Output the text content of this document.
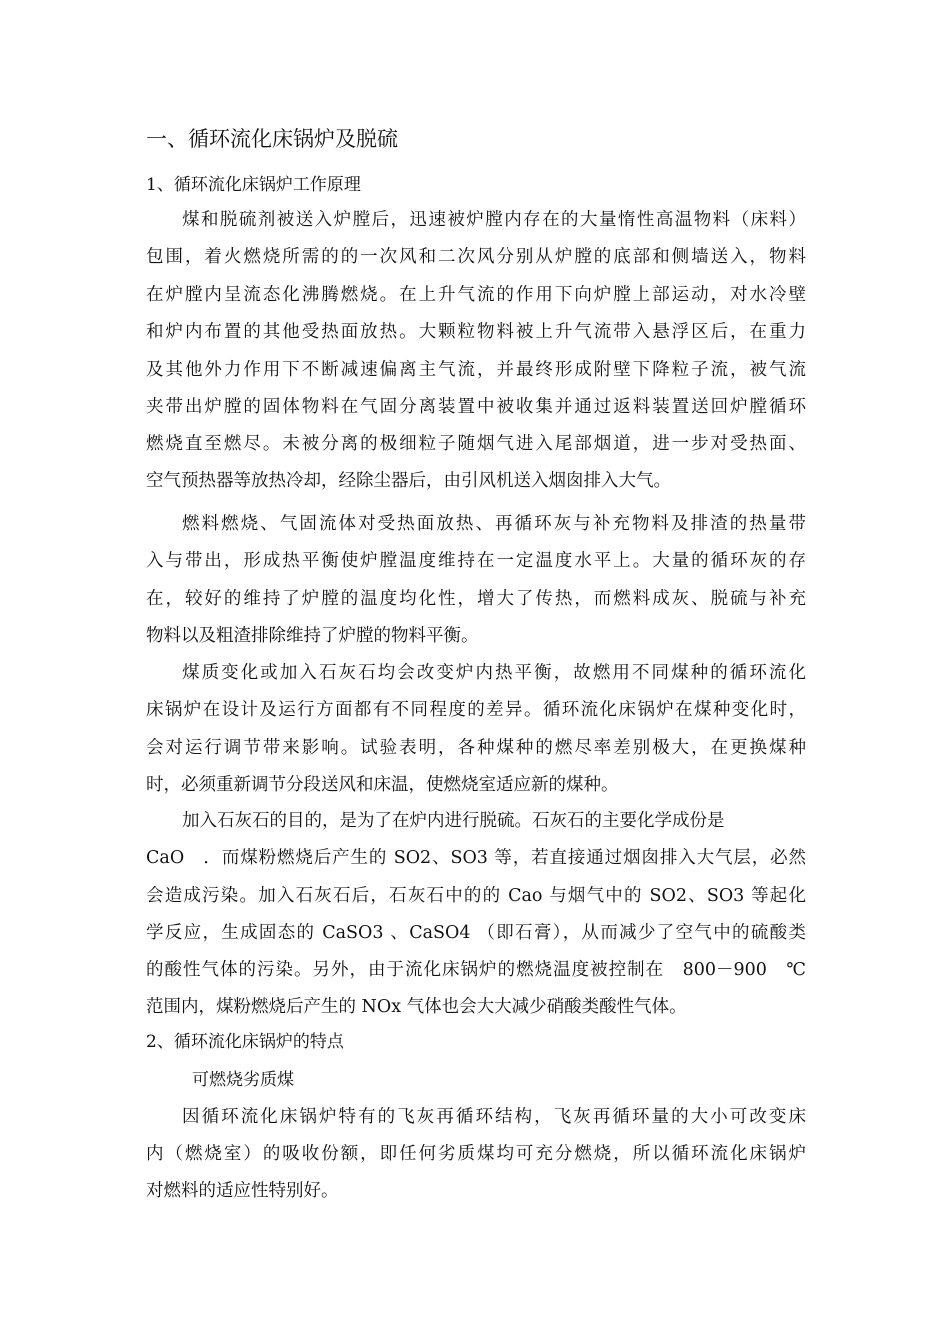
一、循环流化床锅炉及脱硫
1、循环流化床锅炉工作原理
煤和脱硫剂被送入炉膛后，迅速被炉膛内存在的大量惰性高温物料（床料）
包围，着火燃烧所需的的一次风和二次风分别从炉膛的底部和侧墙送入，物料
在炉膛内呈流态化沸腾燃烧。在上升气流的作用下向炉膛上部运动，对水冷壁
和炉内布置的其他受热面放热。大颗粒物料被上升气流带入悬浮区后，在重力
及其他外力作用下不断减速偏离主气流，并最终形成附壁下降粒子流，被气流
夹带出炉膛的固体物料在气固分离装置中被收集并通过返料装置送回炉膛循环
燃烧直至燃尽。未被分离的极细粒子随烟气进入尾部烟道，进一步对受热面、
空气预热器等放热冷却，经除尘器后，由引风机送入烟囱排入大气。
燃料燃烧、气固流体对受热面放热、再循环灰与补充物料及排渣的热量带
入与带出，形成热平衡使炉膛温度维持在一定温度水平上。大量的循环灰的存
在，较好的维持了炉膛的温度均化性，增大了传热，而燃料成灰、脱硫与补充
物料以及粗渣排除维持了炉膛的物料平衡。
煤质变化或加入石灰石均会改变炉内热平衡，故燃用不同煤种的循环流化
床锅炉在设计及运行方面都有不同程度的差异。循环流化床锅炉在煤种变化时，
会对运行调节带来影响。试验表明，各种煤种的燃尽率差别极大，在更换煤种
时，必须重新调节分段送风和床温，使燃烧室适应新的煤种。
加入石灰石的目的，是为了在炉内进行脱硫。石灰石的主要化学成份是
CaO　．而煤粉燃烧后产生的 SO2、SO3 等，若直接通过烟囱排入大气层，必然
会造成污染。加入石灰石后，石灰石中的的 Cao 与烟气中的 SO2、SO3 等起化
学反应，生成固态的 CaSO3 、CaSO4 （即石膏），从而减少了空气中的硫酸类
的酸性气体的污染。另外，由于流化床锅炉的燃烧温度被控制在　800－900　℃
范围内，煤粉燃烧后产生的 NOx 气体也会大大减少硝酸类酸性气体。
2、循环流化床锅炉的特点
可燃烧劣质煤
因循环流化床锅炉特有的飞灰再循环结构，飞灰再循环量的大小可改变床
内（燃烧室）的吸收份额，即任何劣质煤均可充分燃烧，所以循环流化床锅炉
对燃料的适应性特别好。
